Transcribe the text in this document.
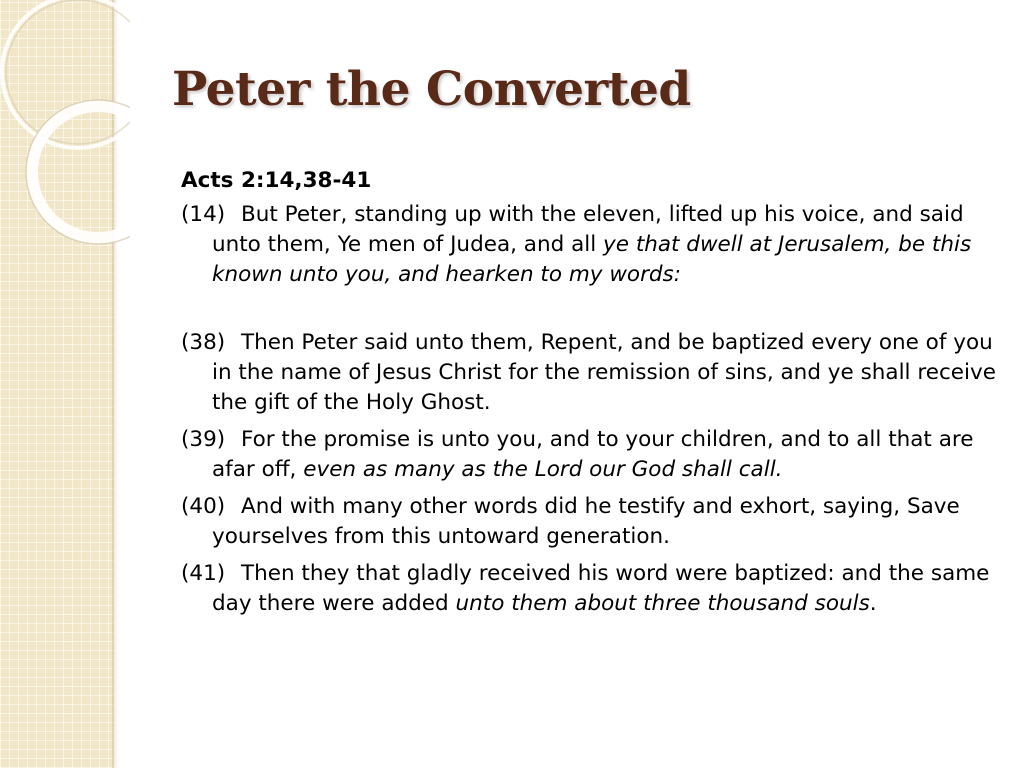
Peter the Converted
Acts 2:14,38-41

(14) But Peter, standing up with the eleven, lifted up his voice, and said unto them, Ye men of Judea, and all ye that dwell at Jerusalem, be this known unto you, and hearken to my words:

(38) Then Peter said unto them, Repent, and be baptized every one of you in the name of Jesus Christ for the remission of sins, and ye shall receive the gift of the Holy Ghost.

(39) For the promise is unto you, and to your children, and to all that are afar off, even as many as the Lord our God shall call.

(40) And with many other words did he testify and exhort, saying, Save yourselves from this untoward generation.

(41) Then they that gladly received his word were baptized: and the same day there were added unto them about three thousand souls.
